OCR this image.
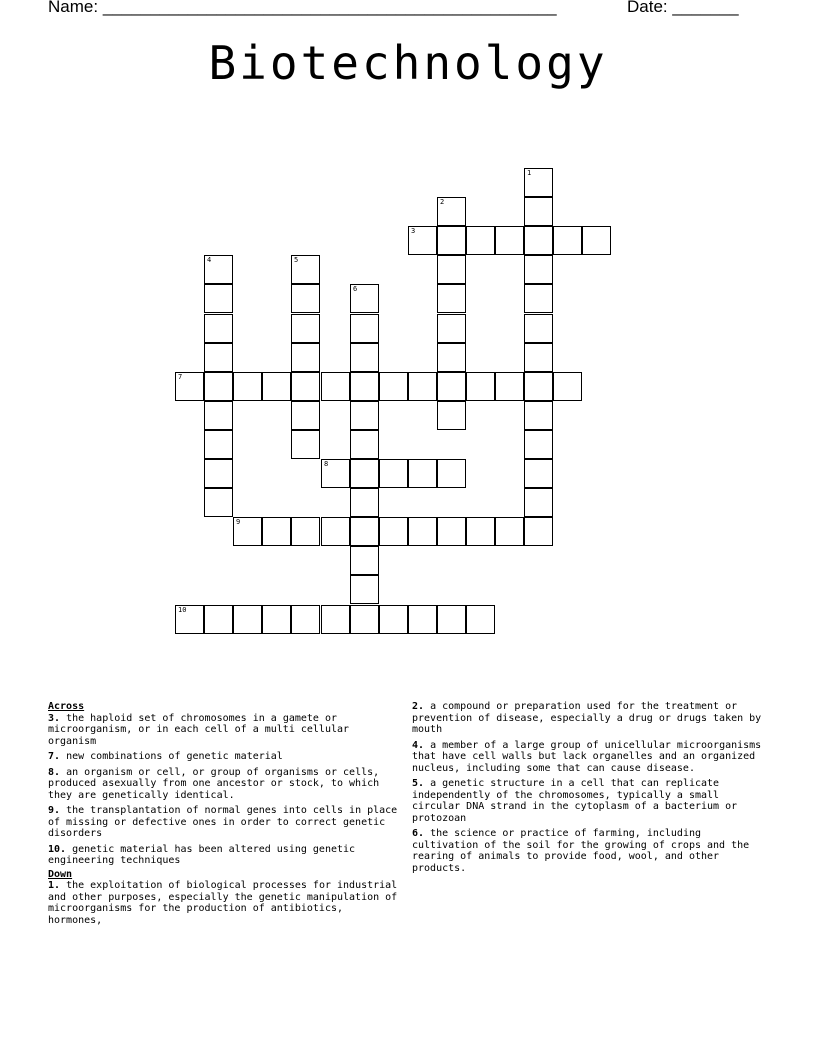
Name: ________________________________________________	Date: _______
Biotechnology
3
7
8
9
10
1
2
4	5
6

Across

3. the haploid set of chromosomes in a gamete or microorganism, or in each cell of a multi cellular organism

7. new combinations of genetic material

8. an organism or cell, or group of organisms or cells, produced asexually from one ancestor or stock, to which they are genetically identical.

9. the transplantation of normal genes into cells in place of missing or defective ones in order to correct genetic disorders

10. genetic material has been altered using genetic engineering techniques

Down

1. the exploitation of biological processes for industrial and other purposes, especially the genetic manipulation of microorganisms for the production of antibiotics, hormones,

2. a compound or preparation used for the treatment or prevention of disease, especially a drug or drugs taken by mouth

4. a member of a large group of unicellular microorganisms that have cell walls but lack organelles and an organized nucleus, including some that can cause disease.

5. a genetic structure in a cell that can replicate independently of the chromosomes, typically a small circular DNA strand in the cytoplasm of a bacterium or protozoan

6. the science or practice of farming, including cultivation of the soil for the growing of crops and the rearing of animals to provide food, wool, and other products.
